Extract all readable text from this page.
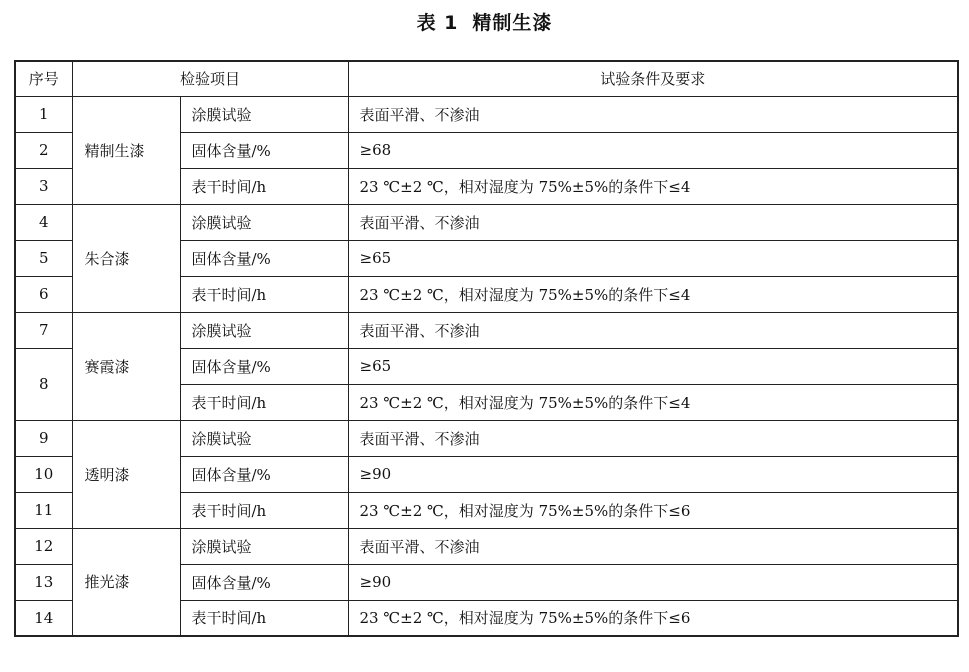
表 1 精制生漆
序号	检验项目		试验条件及要求
1	精制生漆	涂膜试验	表面平滑、不渗油
2		固体含量/%	≥68
3		表干时间/h	23 ℃±2 ℃，相对湿度为 75%±5%的条件下≤4
4	朱合漆	涂膜试验	表面平滑、不渗油
5		固体含量/%	≥65
6		表干时间/h	23 ℃±2 ℃，相对湿度为 75%±5%的条件下≤4
7	赛霞漆	涂膜试验	表面平滑、不渗油
8		固体含量/%	≥65
		表干时间/h	23 ℃±2 ℃，相对湿度为 75%±5%的条件下≤4
9	透明漆	涂膜试验	表面平滑、不渗油
10		固体含量/%	≥90
11		表干时间/h	23 ℃±2 ℃，相对湿度为 75%±5%的条件下≤6
12	推光漆	涂膜试验	表面平滑、不渗油
13		固体含量/%	≥90
14		表干时间/h	23 ℃±2 ℃，相对湿度为 75%±5%的条件下≤6
